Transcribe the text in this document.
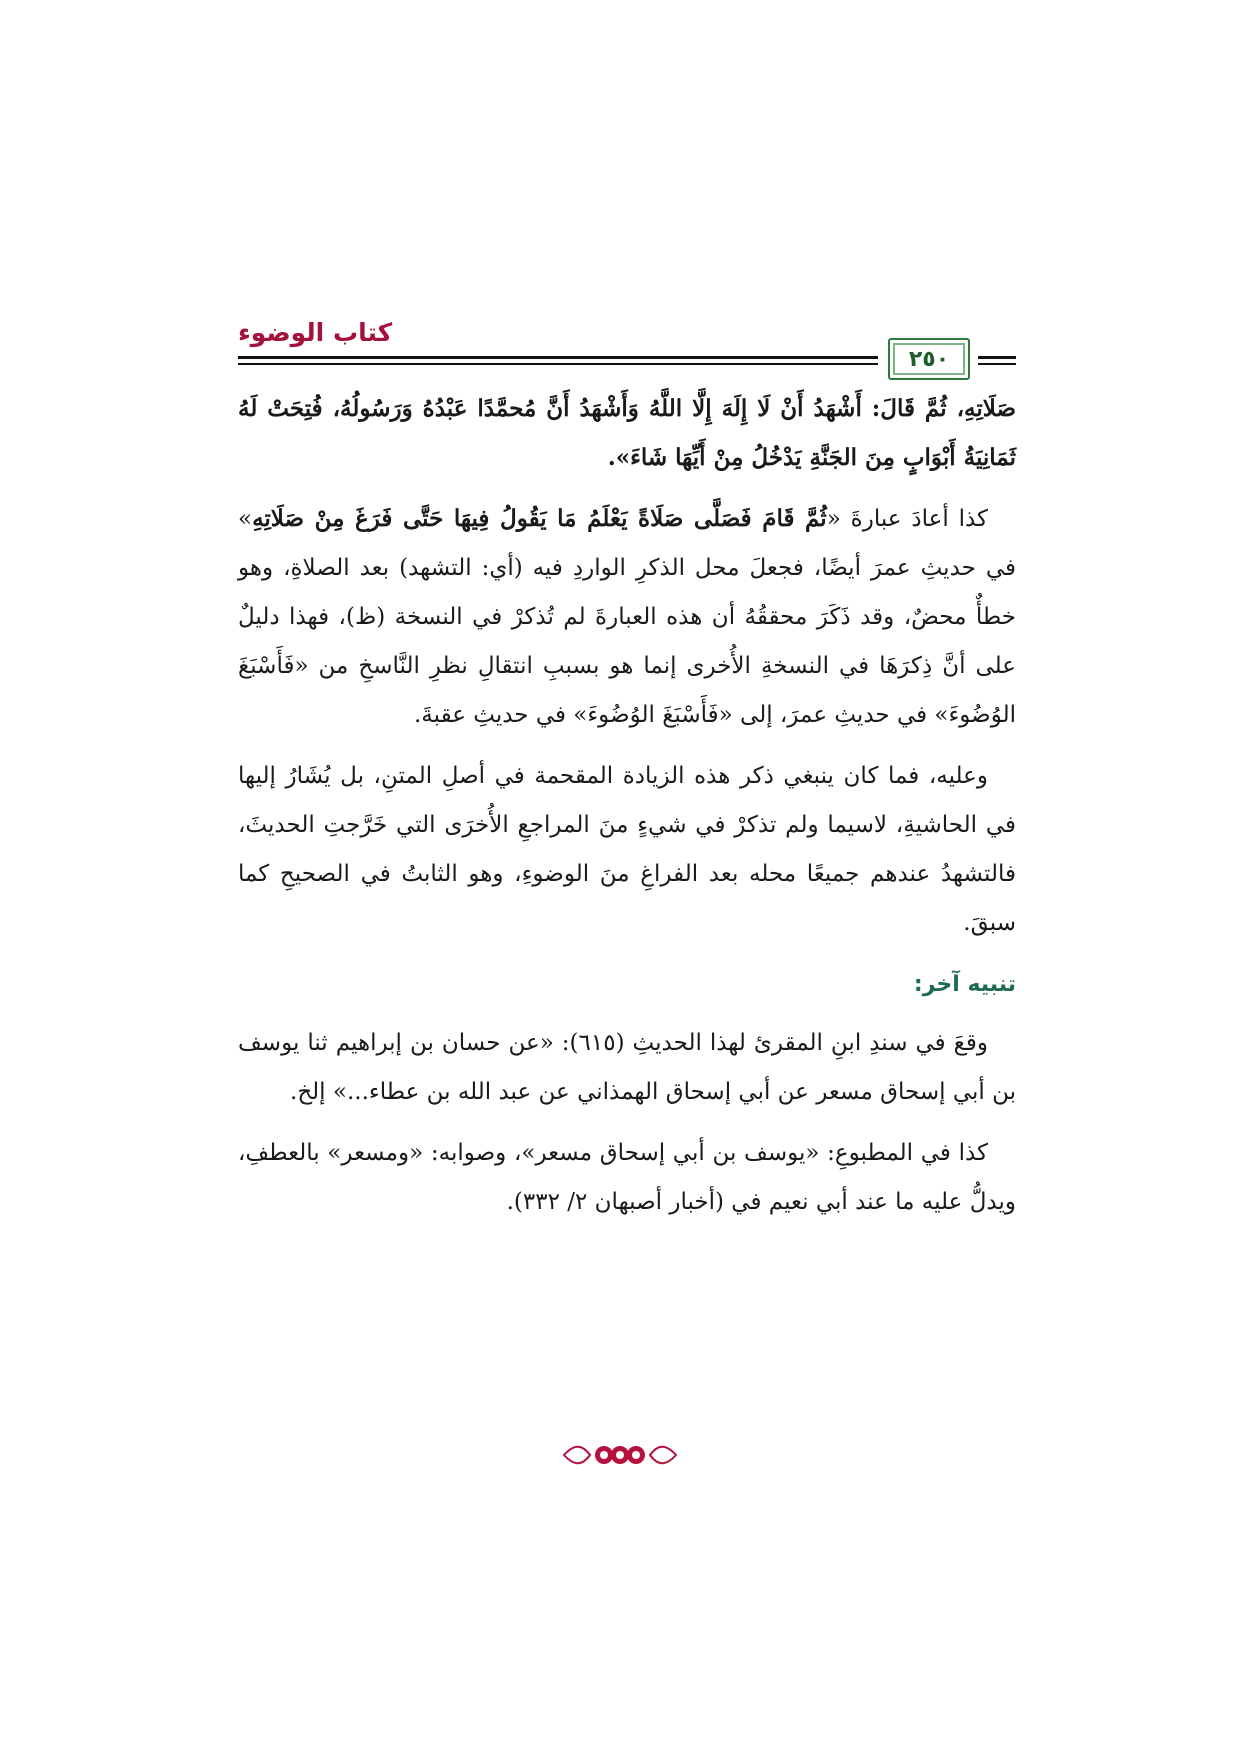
كتاب الوضوء
٢٥٠

صَلَاتِهِ، ثُمَّ قَالَ: أَشْهَدُ أَنْ لَا إِلَهَ إِلَّا اللَّهُ وَأَشْهَدُ أَنَّ مُحمَّدًا عَبْدُهُ وَرَسُولُهُ، فُتِحَتْ لَهُ ثَمَانِيَةُ أَبْوَابٍ مِنَ الجَنَّةِ يَدْخُلُ مِنْ أَيِّهَا شَاءَ».

كذا أعادَ عبارةَ «ثُمَّ قَامَ فَصَلَّى صَلَاةً يَعْلَمُ مَا يَقُولُ فِيهَا حَتَّى فَرَغَ مِنْ صَلَاتِهِ» في حديثِ عمرَ أيضًا، فجعلَ محل الذكرِ الواردِ فيه (أي: التشهد) بعد الصلاةِ، وهو خطأٌ محضٌ، وقد ذَكَرَ محققُهُ أن هذه العبارةَ لم تُذكرْ في النسخة (ظ)، فهذا دليلٌ على أنَّ ذِكرَهَا في النسخةِ الأُخرى إنما هو بسببِ انتقالِ نظرِ النَّاسخِ من «فَأَسْبَغَ الوُضُوءَ» في حديثِ عمرَ، إلى «فَأَسْبَغَ الوُضُوءَ» في حديثِ عقبةَ.

وعليه، فما كان ينبغي ذكر هذه الزيادة المقحمة في أصلِ المتنِ، بل يُشَارُ إليها في الحاشيةِ، لاسيما ولم تذكرْ في شيءٍ منَ المراجعِ الأُخرَى التي خَرَّجتِ الحديثَ، فالتشهدُ عندهم جميعًا محله بعد الفراغِ منَ الوضوءِ، وهو الثابتُ في الصحيحِ كما سبقَ.

تنبيه آخر:

وقعَ في سندِ ابنِ المقرئ لهذا الحديثِ (٦١٥): «عن حسان بن إبراهيم ثنا يوسف بن أبي إسحاق مسعر عن أبي إسحاق الهمذاني عن عبد الله بن عطاء...» إلخ.

كذا في المطبوعِ: «يوسف بن أبي إسحاق مسعر»، وصوابه: «ومسعر» بالعطفِ، ويدلُّ عليه ما عند أبي نعيم في (أخبار أصبهان ٢/ ٣٣٢).
